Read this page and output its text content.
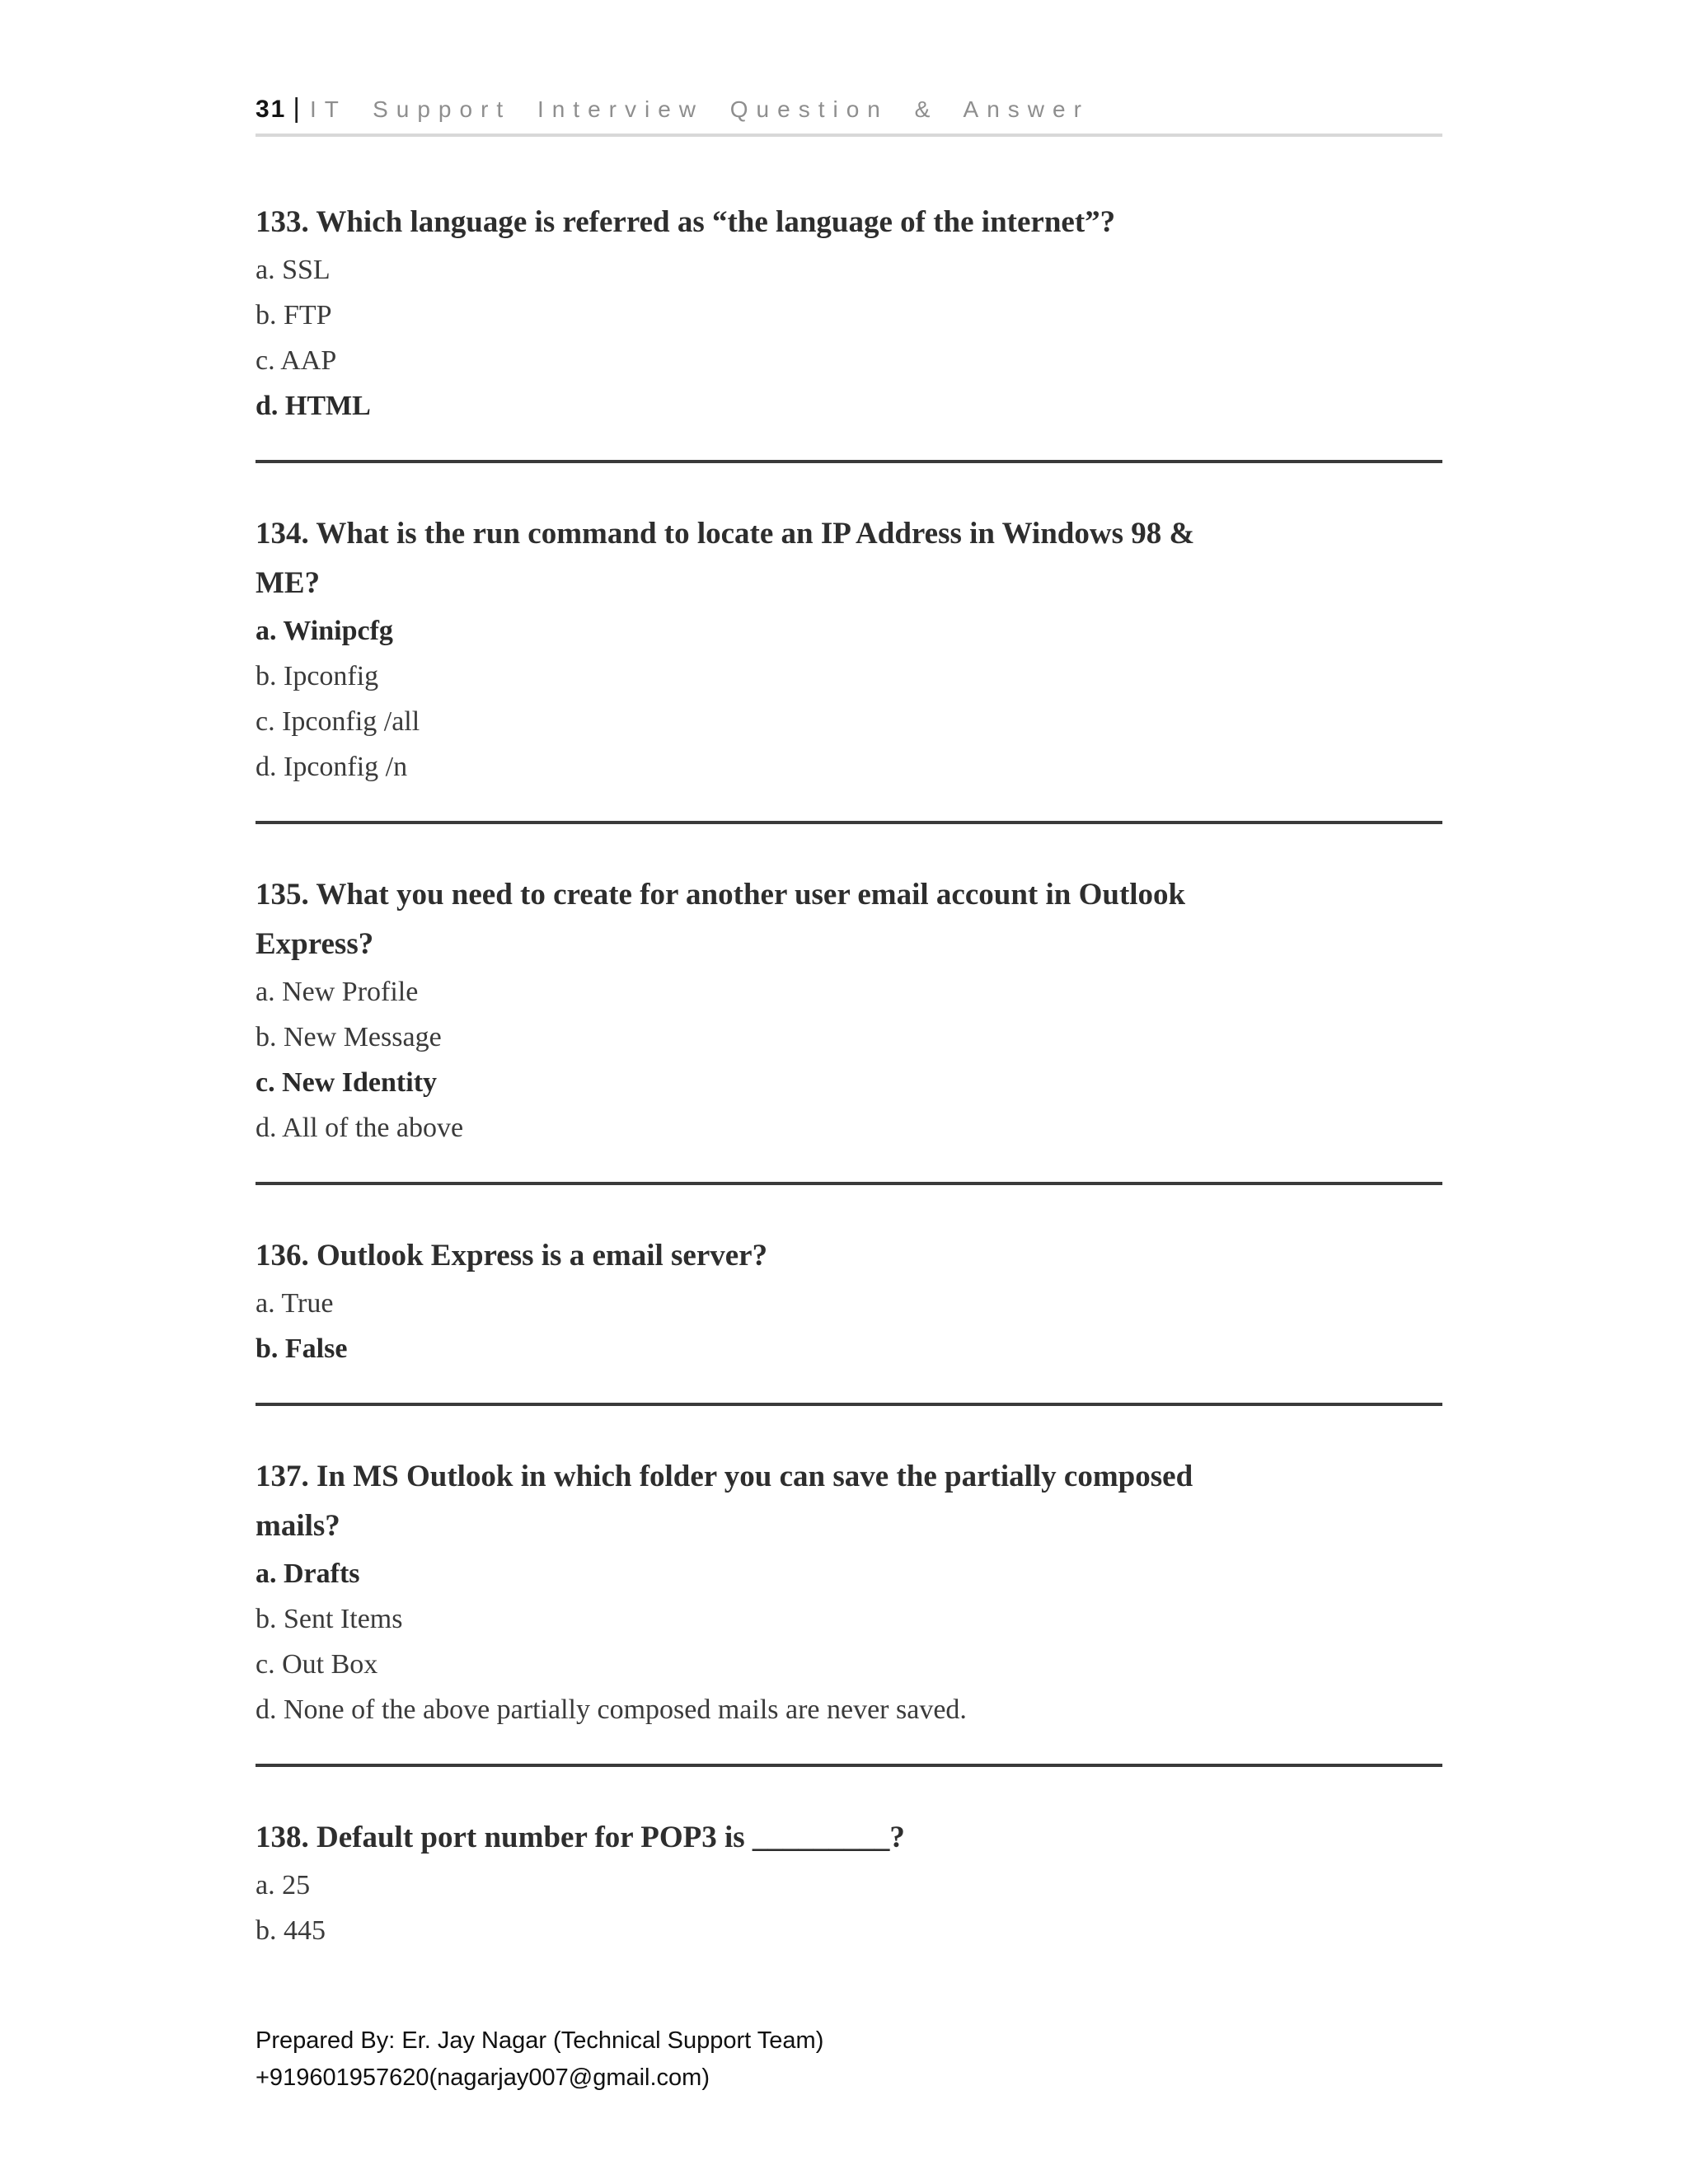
31 | IT Support Interview Question & Answer
133. Which language is referred as “the language of the internet”?
a. SSL
b. FTP
c. AAP
d. HTML
134. What is the run command to locate an IP Address in Windows 98 &
ME?
a. Winipcfg
b. Ipconfig
c. Ipconfig /all
d. Ipconfig /n
135. What you need to create for another user email account in Outlook
Express?
a. New Profile
b. New Message
c. New Identity
d. All of the above
136. Outlook Express is a email server?
a. True
b. False
137. In MS Outlook in which folder you can save the partially composed
mails?
a. Drafts
b. Sent Items
c. Out Box
d. None of the above partially composed mails are never saved.
138. Default port number for POP3 is _________?
a. 25
b. 445
Prepared By: Er. Jay Nagar (Technical Support Team)
+919601957620(nagarjay007@gmail.com)
